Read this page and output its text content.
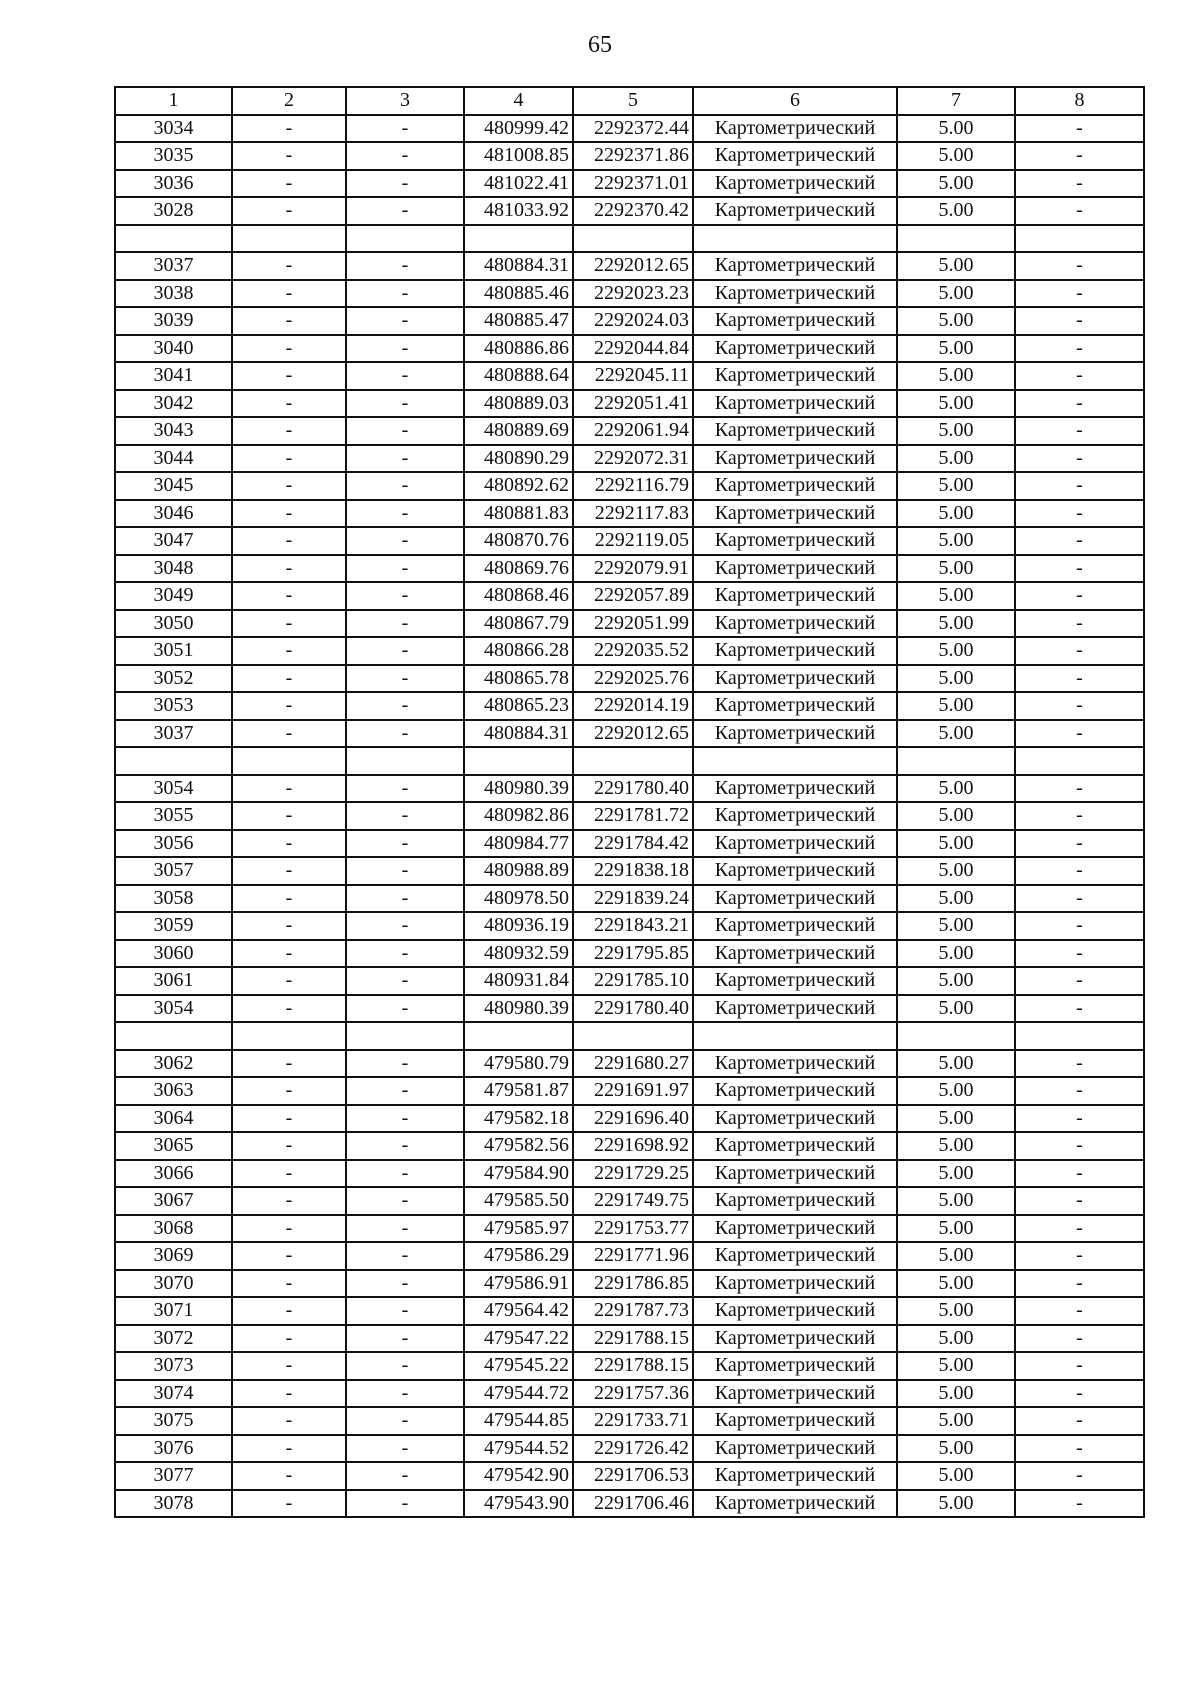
65
1	2	3	4	5	6	7	8
3034	-	-	480999.42	2292372.44	Картометрический	5.00	-
3035	-	-	481008.85	2292371.86	Картометрический	5.00	-
3036	-	-	481022.41	2292371.01	Картометрический	5.00	-
3028	-	-	481033.92	2292370.42	Картометрический	5.00	-

3037	-	-	480884.31	2292012.65	Картометрический	5.00	-
3038	-	-	480885.46	2292023.23	Картометрический	5.00	-
3039	-	-	480885.47	2292024.03	Картометрический	5.00	-
3040	-	-	480886.86	2292044.84	Картометрический	5.00	-
3041	-	-	480888.64	2292045.11	Картометрический	5.00	-
3042	-	-	480889.03	2292051.41	Картометрический	5.00	-
3043	-	-	480889.69	2292061.94	Картометрический	5.00	-
3044	-	-	480890.29	2292072.31	Картометрический	5.00	-
3045	-	-	480892.62	2292116.79	Картометрический	5.00	-
3046	-	-	480881.83	2292117.83	Картометрический	5.00	-
3047	-	-	480870.76	2292119.05	Картометрический	5.00	-
3048	-	-	480869.76	2292079.91	Картометрический	5.00	-
3049	-	-	480868.46	2292057.89	Картометрический	5.00	-
3050	-	-	480867.79	2292051.99	Картометрический	5.00	-
3051	-	-	480866.28	2292035.52	Картометрический	5.00	-
3052	-	-	480865.78	2292025.76	Картометрический	5.00	-
3053	-	-	480865.23	2292014.19	Картометрический	5.00	-
3037	-	-	480884.31	2292012.65	Картометрический	5.00	-

3054	-	-	480980.39	2291780.40	Картометрический	5.00	-
3055	-	-	480982.86	2291781.72	Картометрический	5.00	-
3056	-	-	480984.77	2291784.42	Картометрический	5.00	-
3057	-	-	480988.89	2291838.18	Картометрический	5.00	-
3058	-	-	480978.50	2291839.24	Картометрический	5.00	-
3059	-	-	480936.19	2291843.21	Картометрический	5.00	-
3060	-	-	480932.59	2291795.85	Картометрический	5.00	-
3061	-	-	480931.84	2291785.10	Картометрический	5.00	-
3054	-	-	480980.39	2291780.40	Картометрический	5.00	-

3062	-	-	479580.79	2291680.27	Картометрический	5.00	-
3063	-	-	479581.87	2291691.97	Картометрический	5.00	-
3064	-	-	479582.18	2291696.40	Картометрический	5.00	-
3065	-	-	479582.56	2291698.92	Картометрический	5.00	-
3066	-	-	479584.90	2291729.25	Картометрический	5.00	-
3067	-	-	479585.50	2291749.75	Картометрический	5.00	-
3068	-	-	479585.97	2291753.77	Картометрический	5.00	-
3069	-	-	479586.29	2291771.96	Картометрический	5.00	-
3070	-	-	479586.91	2291786.85	Картометрический	5.00	-
3071	-	-	479564.42	2291787.73	Картометрический	5.00	-
3072	-	-	479547.22	2291788.15	Картометрический	5.00	-
3073	-	-	479545.22	2291788.15	Картометрический	5.00	-
3074	-	-	479544.72	2291757.36	Картометрический	5.00	-
3075	-	-	479544.85	2291733.71	Картометрический	5.00	-
3076	-	-	479544.52	2291726.42	Картометрический	5.00	-
3077	-	-	479542.90	2291706.53	Картометрический	5.00	-
3078	-	-	479543.90	2291706.46	Картометрический	5.00	-
